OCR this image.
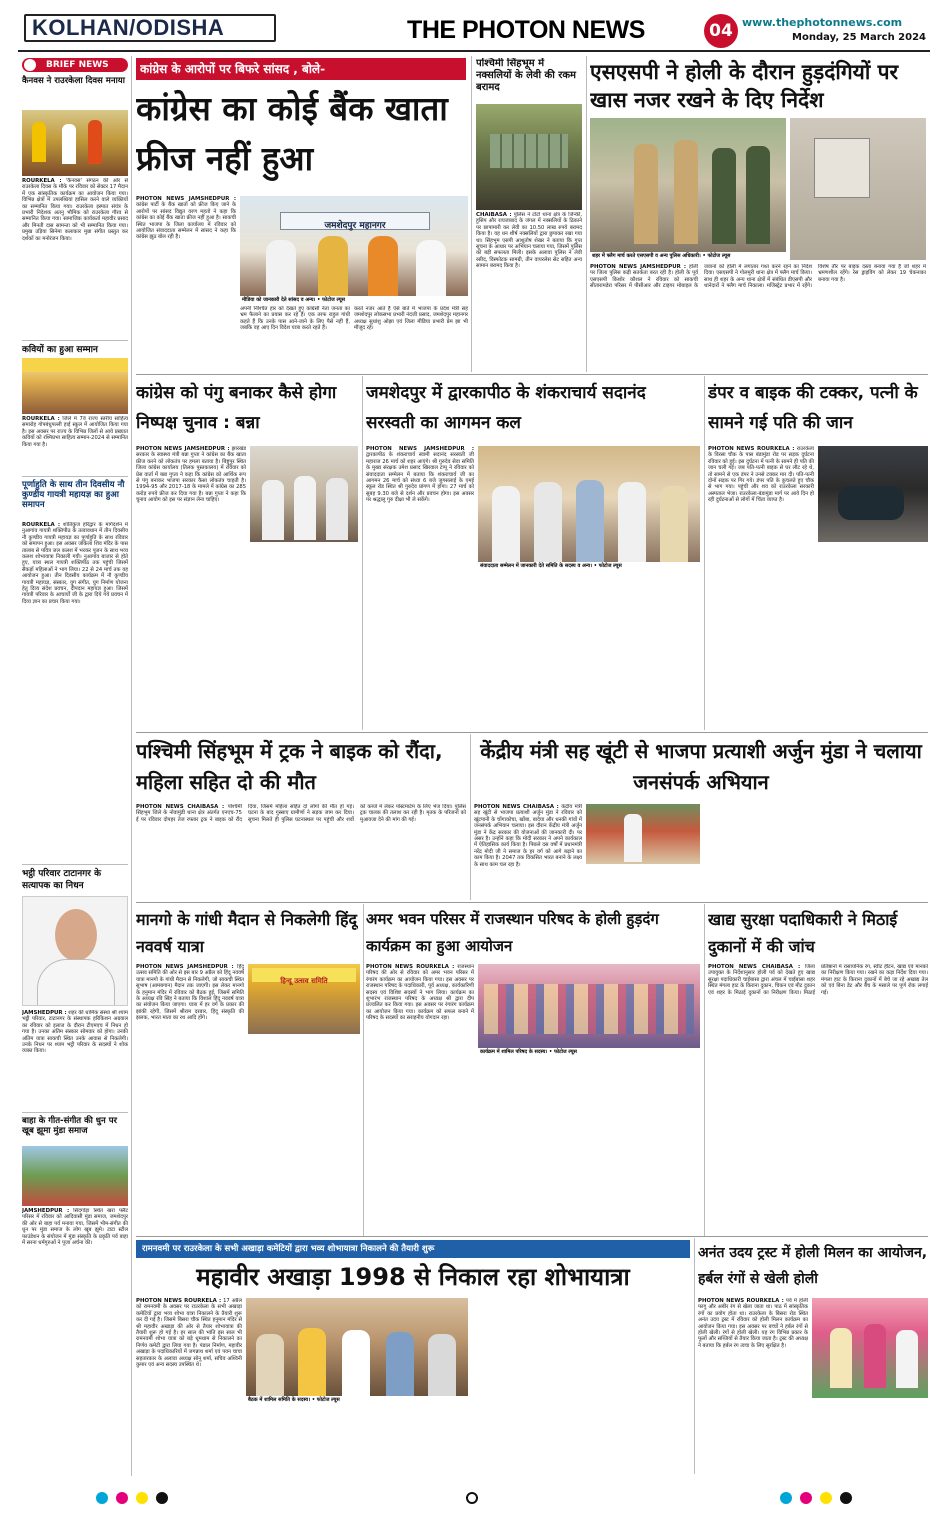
KOLHAN/ODISHA	THE PHOTON NEWS	04 www.thephotonnews.com
Monday, 25 March 2024
BRIEF NEWS
कैनवस ने राउरकेला दिवस मनाया
ROURKELA : 'कैनवस' संगठन की ओर से राउरकेला दिवस के मौके पर रविवार को सेक्टर 17 मैदान में एक सांस्कृतिक कार्यक्रम का आयोजन किया गया। विभिन्न क्षेत्रों में उपलब्धियां हासिल करने वाले व्यक्तियों का सम्मानित किया गया। राउरकेला इस्पात संयंत्र के प्रभारी निदेशक अतनु भौमिक को राउरकेला गौरव से सम्मानित किया गया। सामाजिक कार्यकर्ता महावीर प्रसाद और मिनती दास सामन्ता को भी सम्मानित किया गया। प्रमुख उड़िया सिनेमा कलाकार मुन्ना संगीत प्रस्तुत कर दर्शकों का मनोरंजन किया।
कवियों का हुआ सम्मान
ROURKELA : जिले में 7वें राज्य स्तरीय साहित्य समारोह गोपबंधुपल्ली हाई स्कूल में आयोजित किया गया है। इस अवसर पर राज्य के विभिन्न जिलों से आये प्रख्यात कवियों को रश्मिप्रभा साहित्य सम्मान-2024 से सम्मानित किया गया है।
पूर्णाहुति के साथ तीन दिवसीय नौ कुण्डीय गायत्री महायज्ञ का हुआ समापन
ROURKELA : शांतिकुंज हरिद्वार के मार्गदर्शन में नुआगांव गायत्री शक्तिपीठ के तत्वावधान में तीन दिवसीय नौ कुण्डीय गायत्री महायज्ञ का पूर्णाहुति के साथ रविवार को समापन हुआ। इस अवसर जोकेला शिव मंदिर के पास तालाब से पवित्र जल कलश में भरकर पूजन के साथ भव्य कलश शोभायात्रा निकाली गयी। नुआगांव बाजार से होते हुए, यात्रा स्थल गायत्री शक्तिपीठ तक पहुंची जिसमें सैकड़ों महिलाओं ने भाग लिया। 22 से 24 मार्च तक यह आयोजन हुआ। तीन दिवसीय कार्यक्रम में नौ कुण्डीय गायत्री महायज्ञ, संस्कार, युग संगीत, युग निर्माण योजना हेतु दिव्य संदेश प्रवचन, दीपदान महायज्ञ हुआ। जिसमें गायत्री परिवार के आचार्यों जी के द्वारा दिये गये प्रवचन में दिव्य ज्ञान का प्रचार किया गया।
भट्ठी परिवार टाटानगर के सत्यापक का निधन
JAMSHEDPUR : शहर की धार्मिक संस्था श्री श्याम भट्ठी परिवार, टाटानगर के संस्थापक हरिकिशन अग्रवाल का रविवार को इलाज के दौरान टीएमएच में निधन हो गया है। उनका अंतिम संस्कार सोमवार को होगा। उनकी अंतिम यात्रा साकची स्थित उनके आवास से निकलेगी। उनके निधन पर श्याम भट्ठी परिवार के सदस्यों ने शोक व्यक्त किया।
बाहा के गीत-संगीत की धुन पर खूब झूमा मुंडा समाज
JAMSHEDPUR : सिदगोड़ा स्थित खरा फ्लैट परिसर में रविवार को आदिवासी मुंडा समाज, जमशेदपुर की ओर से बाहा पर्व मनाया गया, जिसमें भीम-संगीत की धुन पर मुंडा समाज के लोग खूब झूमे। टाटा स्टील फाउंडेशन के संयोजन में मुंडा संस्कृति के प्रकृति पर्व बाहा में सरना धर्मगुरुओं ने पूजा अर्चना की।
कांग्रेस के आरोपों पर बिफरे सांसद , बोले-
कांग्रेस का कोई बैंक खाता फ्रीज नहीं हुआ
PHOTON NEWS JAMSHEDPUR : कांग्रेस पार्टी के बैंक खातों को फ्रीज किए जाने के आरोपों पर सांसद विद्युत वरण महतो ने कहा कि कांग्रेस का कोई बैंक खाता फ्रीज नहीं हुआ है। साकची स्थित भाजपा के जिला कार्यालय में रविवार को आयोजित संवाददाता सम्मेलन में सांसद ने कहा कि कांग्रेस झूठ बोल रही है।
जमशेदपुर महानगर
मीडिया को जानकारी देते सांसद व अन्य। • फोटोज ल्यूस
अपनी निश्चित हार को देखते हुए कांग्रेसी नेता जनता का भ्रम फैलाने का प्रयास कर रहे हैं। एक तरफ राहुल गांधी कहते हैं कि उनके पास आने-जाने के लिए पैसे नहीं हैं, जबकि वह आए दिन विदेश यात्रा करते रहते हैं।
करते नजर आते हैं ऐसे बातें में भाजपा के प्रदेश मंत्री सह जमशेदपुर लोकसभा प्रभारी नंदजी प्रसाद, जमशेदपुर महानगर अध्यक्ष सुधांशु ओझा एवं जिला मीडिया प्रभारी प्रेम झा भी मौजूद रहे।
पश्चिमी सिंहभूम में नक्सलियों के लेवी की रकम बरामद
CHAIBASA : पुलिस ने टोंटो थाना क्षेत्र के जिन्की, हुसिप और रायजाबाद के जंगल में नक्सलियों के ठिकाने पर छापामारी कर लेवी का 10.50 लाख रुपये बरामद किया है। यह धन शीर्ष नक्सलियों द्वारा छुपाकर रखा गया था। सिंहभूम एसपी आशुतोष शेखर ने बताया कि गुप्त सूचना के आधार पर अभियान चलाया गया, जिसमें पुलिस को बड़ी सफलता मिली। इसके अलावा पुलिस ने लेवी रसीद, विस्फोटक सामग्री, तीन वायरलेस सेट सहित अन्य सामान बरामद किया है।
एसएसपी ने होली के दौरान हुड़दंगियों पर खास नजर रखने के दिए निर्देश
शहर में फ्लैग मार्च करते एसएसपी व अन्य पुलिस अधिकारी। • फोटोज ल्यूस
PHOTON NEWS JAMSHEDPUR : होली पर जिला पुलिस कड़ी सतर्कता बरत रही है। होली के पूर्व एसएसपी किशोर कौशल ने रविवार को साकची सीतारामडेरा परिसर में पीसीआर और टाइगर मोबाइल के जवानों को होली में लगातार गश्त करने रहने का निर्देश दिया। एसएसपी ने गोलमुरी थाना क्षेत्र में फ्लैग मार्च किया। साथ ही शहर के अन्य थाना क्षेत्रों में संबंधित डीएसपी और थानेदारों ने फ्लैग मार्च निकाला। मजिस्ट्रेट प्रभार में रहेंगे। विशेष तौर पर बाइक दस्ता बनाया गया है जो शहर में भ्रमणशील रहेंगे। रेस ड्राइविंग को लेकर 19 चेकनाका बनाया गया है।
कांग्रेस को पंगु बनाकर कैसे होगा निष्पक्ष चुनाव : बन्ना
PHOTON NEWS JAMSHEDPUR : झारखंड सरकार के स्वास्थ्य मंत्री बन्ना गुप्ता ने कांग्रेस का बैंक खाता फ्रीज करने को लोकतंत्र पर हमला बताया है। बिष्टुपुर स्थित जिला कांग्रेस कार्यालय (तिलक पुस्तकालय) में रविवार को प्रेस वार्ता में बन्ना गुप्ता ने कहा कि कांग्रेस को आर्थिक रूप से पंगु बनाकर भाजपा सरकार कैसा लोकतंत्र चाहती है। 1994-95 और 2017-18 के मामले में कांग्रेस का 285 करोड़ रुपये फ्रीज कर दिया गया है। बन्ना गुप्ता ने कहा कि चुनाव आयोग को इस पर संज्ञान लेना चाहिए।
जमशेदपुर में द्वारकापीठ के शंकराचार्य सदानंद सरस्वती का आगमन कल
PHOTON NEWS JAMSHEDPUR : द्वारकापीठ के शंकराचार्य स्वामी सदानंद सरस्वती जी महाराज 26 मार्च को शहर आएंगे। श्री गुरुदेव सेवा समिति के मुख्य संरक्षक उमेश प्रसाद खिरवाल टप्पू ने रविवार को संवाददाता सम्मेलन में बताया कि शंकराचार्य जी का आगमन 26 मार्च को संध्या 6 बजे जुगसलाई के एमई स्कूल रोड स्थित श्री गुरुदेव प्रांगण में होगा। 27 मार्च को सुबह 9.30 बजे से दर्शन और प्रवचन होगा। इस अवसर पर श्रद्धालु गुरु दीक्षा भी ले सकेंगे।
संवाददाता सम्मेलन में जानकारी देते समिति के सदस्य व अन्य। • फोटोज ल्यूस
डंपर व बाइक की टक्कर, पत्नी के सामने गई पति की जान
PHOTON NEWS ROURKELA : राउरकेला के विरसा चौक के पास बंडामुंडा रोड पर सड़क दुर्घटना रविवार को हुई। इस दुर्घटना में पत्नी के सामने ही पति की जान चली गई। जब पति-पत्नी बाइक से घर लौट रहे थे, तो सामने से एक डंपर ने उनसे टक्कर मार दी। पति-पत्नी दोनों सड़क पर गिर गये। डंपर पति के कुचलते हुए चौक से भाग गया। पहुंची और शव को राउरकेला सरकारी अस्पताल भेजा। राउरकेला-बंडामुंडा मार्ग पर आये दिन हो रही दुर्घटनाओं से लोगों में चिंता व्याप्त है।
पश्चिमी सिंहभूम में ट्रक ने बाइक को रौंदा, महिला सहित दो की मौत
PHOTON NEWS CHAIBASA : पश्चिमी सिंहभूम जिले के नोवामुंडी थाना क्षेत्र अंतर्गत एनएच-75 ई पर रविवार दोपहर तेज रफ्तार ट्रक ने बाइक को रौंद दिया, जिसमें महिला सहित दो लोगों की मौत हो गई। घटना के बाद गुस्साए ग्रामीणों ने सड़क जाम कर दिया। सूचना मिलते ही पुलिस घटनास्थल पर पहुंची और शवों को कब्जे में लेकर पोस्टमार्टम के लिए भेज दिया। पुलिस ट्रक चालक की तलाश कर रही है। मृतक के परिजनों को मुआवजा देने की मांग की गई।
केंद्रीय मंत्री सह खूंटी से भाजपा प्रत्याशी अर्जुन मुंडा ने चलाया जनसंपर्क अभियान
PHOTON NEWS CHAIBASA : केंद्रीय मंत्री सह खूंटी से भाजपा प्रत्याशी अर्जुन मुंडा ने रविवार को खूंटपानी के चोंगाकोचा, खोंबा, बादेया और धनकी गांवों में जनसंपर्क अभियान चलाया। इस दौरान केंद्रीय मंत्री अर्जुन मुंडा ने केंद्र सरकार की योजनाओं की जानकारी दी। पर असर है। उन्होंने कहा कि मोदी सरकार ने अपने कार्यकाल में ऐतिहासिक कार्य किया है। पिछले दस वर्षों में प्रधानमंत्री नरेंद्र मोदी जी ने समाज के हर वर्ग को आगे बढ़ाने का काम किया है। 2047 तक विकसित भारत बनाने के लक्ष्य के साथ काम चल रहा है।
मानगो के गांधी मैदान से निकलेगी हिंदू नववर्ष यात्रा
PHOTON NEWS JAMSHEDPUR : हिंदू उत्सव समिति की ओर से इस बार 9 अप्रैल को हिंदू नववर्ष यात्रा मानगो के गांधी मैदान से निकलेगी, जो साकची स्थित सुभाष (आमबगान) मैदान तक जाएगी। इस लेकर मानगो के हनुमान मंदिर में रविवार को बैठक हुई, जिसमें समिति के अध्यक्ष रवि सिंह ने बताया कि विशाल हिंदू नववर्ष यात्रा का संयोजन किया जाएगा। यात्रा में हर वर्ग के प्रकार की झांकी रहेगी, जिसमें श्रीराम दरबार, हिंदू संस्कृति की झलक, भारत माता का रथ आदि होंगे।
हिन्दू उत्सव समिति
अमर भवन परिसर में राजस्थान परिषद के होली हुड़दंग कार्यक्रम का हुआ आयोजन
PHOTON NEWS ROURKELA : राजस्थान परिषद की ओर से रविवार को अमर भवन परिसर में रंगारंग कार्यक्रम का आयोजन किया गया। इस अवसर पर राजस्थान परिषद के पदाधिकारी, पूर्व अध्यक्ष, कार्यकारिणी सदस्य एवं विशिष्ट सदस्यों ने भाग लिया। कार्यक्रम का शुभारंभ राजस्थान परिषद के अध्यक्ष श्री द्वारा दीप प्रज्वलित कर किया गया। इस अवसर पर रंगारंग कार्यक्रम का आयोजन किया गया। कार्यक्रम को सफल बनाने में परिषद के सदस्यों का सराहनीय योगदान रहा।
कार्यक्रम में शामिल परिषद के सदस्य। • फोटोज ल्यूस
खाद्य सुरक्षा पदाधिकारी ने मिठाई दुकानों में की जांच
PHOTON NEWS CHAIBASA : जिला उपायुक्त के निर्देशानुसार होली पर्व को देखते हुए खाद्य सुरक्षा पदाधिकारी चाईबासा द्वारा अंचल में चाईबासा शहर स्थित मंगला हाट के किराना दुकान, चिकन एवं मीट दुकान एवं शहर के मिठाई दुकानों का निरीक्षण किया। मिठाई प्रतिष्ठानों में रासायनिक रंग, स्वीट हीटन, खाद्य एवं मानकों का निरीक्षण किया गया। रखने का कड़ा निर्देश दिया गया। मंगला हाट के किराना दुकानों में बेचे जा रहे अखाद्य तेल को एवं बिना डेट और बैच के मसाले पर पूर्ण रोक लगाई गई।
रामनवमी पर राउरकेला के सभी अखाड़ा कमेटियों द्वारा भव्य शोभायात्रा निकालने की तैयारी शुरू
महावीर अखाड़ा 1998 से निकाल रहा शोभायात्रा
PHOTON NEWS ROURKELA : 17 अप्रैल को रामनवमी के अवसर पर राउरकेला के सभी अखाड़ा कमेटियों द्वारा भव्य शोभा यात्रा निकालने के तैयारी शुरू कर दी गई है। जिसमे बिसरा चौक स्थित हनुमान मंदिर से श्री महावीर अखाड़ा की ओर से तैयार शोभायात्रा की तैयारी शुरू हो गई है। हर साल की भांति इस साल भी रामनवमी शोभा यात्रा को बड़े धूमधाम से निकालने का निर्णय कमेटी द्वारा लिया गया है। पंडाल निर्माण, महावीर अखाड़ा के पदाधिकारियों में जगन्नाथ शर्मा एवं पवन चाचा सहतारकार के अलावा अध्यक्ष सोनू शर्मा, सचिव अश्विनी कुमार एवं अन्य सदस्य उपस्थित थे।
बैठक में शामिल समिति के सदस्य। • फोटोज ल्यूस
अनंत उदय ट्रस्ट में होली मिलन का आयोजन, हर्बल रंगों से खेली होली
PHOTON NEWS ROURKELA : पर्व में होली फागु और अबीर रंग से खेला जाता था। पाठ में सांस्कृतिक रंगों का प्रयोग होता था। राउरकेला के बिसरा रोड स्थित अनंत उदय ट्रस्ट में रविवार को होली मिलन कार्यक्रम का आयोजन किया गया। इस अवसर पर बच्चों ने हर्बल रंगों से होली खेली। रंगों से होली खेली। यह रंग विभिन्न प्रकार के फूलों और सब्जियों से तैयार किया जाता है। ट्रस्ट की अध्यक्ष ने बताया कि हर्बल रंग त्वचा के लिए सुरक्षित है।
